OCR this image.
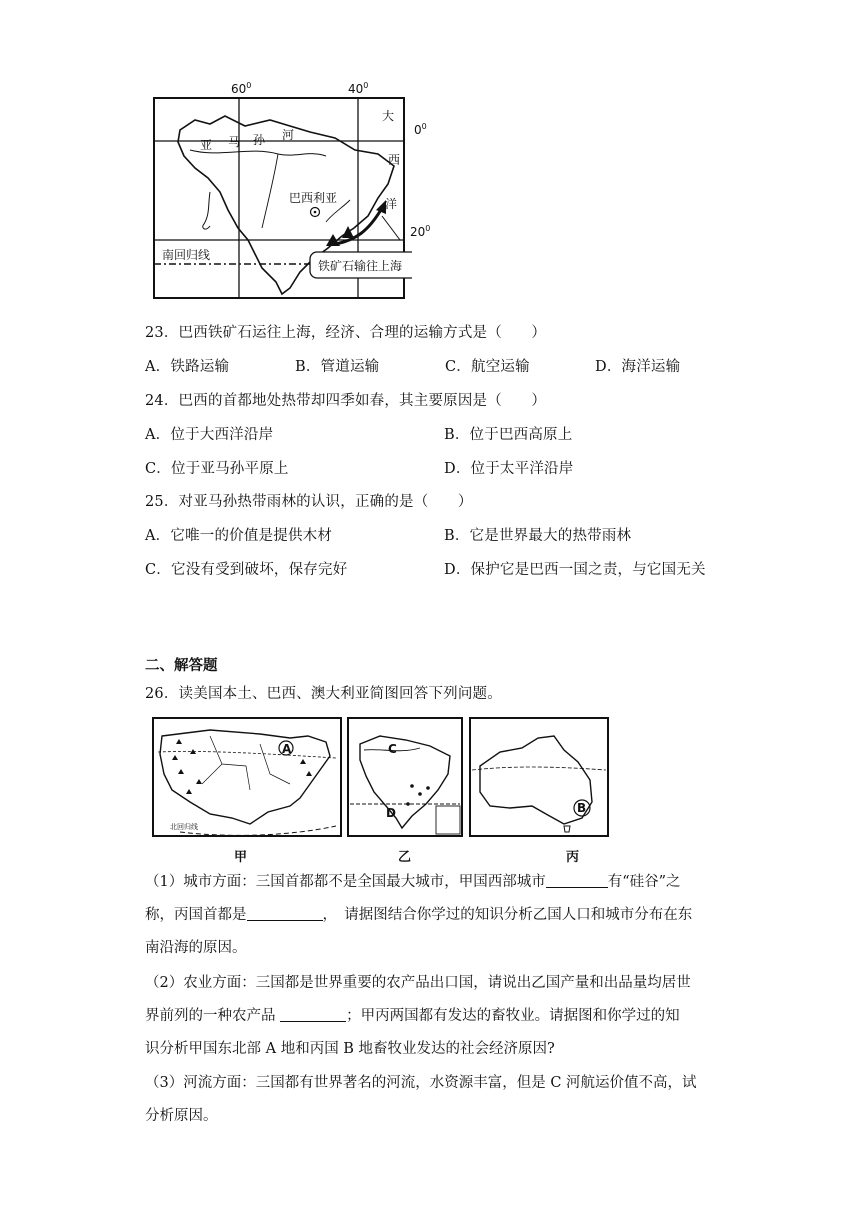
$60^0$	$40^0$
$0^0$
$20^0$
大
西
洋
亚 马 孙 河
巴西利亚
南回归线
铁矿石输往上海
23．巴西铁矿石运往上海，经济、合理的运输方式是（　　）
A．铁路运输	B．管道运输	C．航空运输	D．海洋运输
24．巴西的首都地处热带却四季如春，其主要原因是（　　）
A．位于大西洋沿岸	B．位于巴西高原上
C．位于亚马孙平原上	D．位于太平洋沿岸
25．对亚马孙热带雨林的认识，正确的是（　　）
A．它唯一的价值是提供木材	B．它是世界最大的热带雨林
C．它没有受到破坏，保存完好	D．保护它是巴西一国之责，与它国无关
二、解答题
26．读美国本土、巴西、澳大利亚简图回答下列问题。
A	C
D	B
北回归线
甲	乙	丙
（1）城市方面：三国首都都不是全国最大城市，甲国西部城市	有“硅谷”之
称，丙国首都是	，　请据图结合你学过的知识分析乙国人口和城市分布在东
南沿海的原因。
（2）农业方面：三国都是世界重要的农产品出口国，请说出乙国产量和出品量均居世
界前列的一种农产品	；甲丙两国都有发达的畜牧业。请据图和你学过的知
识分析甲国东北部 A 地和丙国 B 地畜牧业发达的社会经济原因?
（3）河流方面：三国都有世界著名的河流，水资源丰富，但是 C 河航运价值不高，试
分析原因。
